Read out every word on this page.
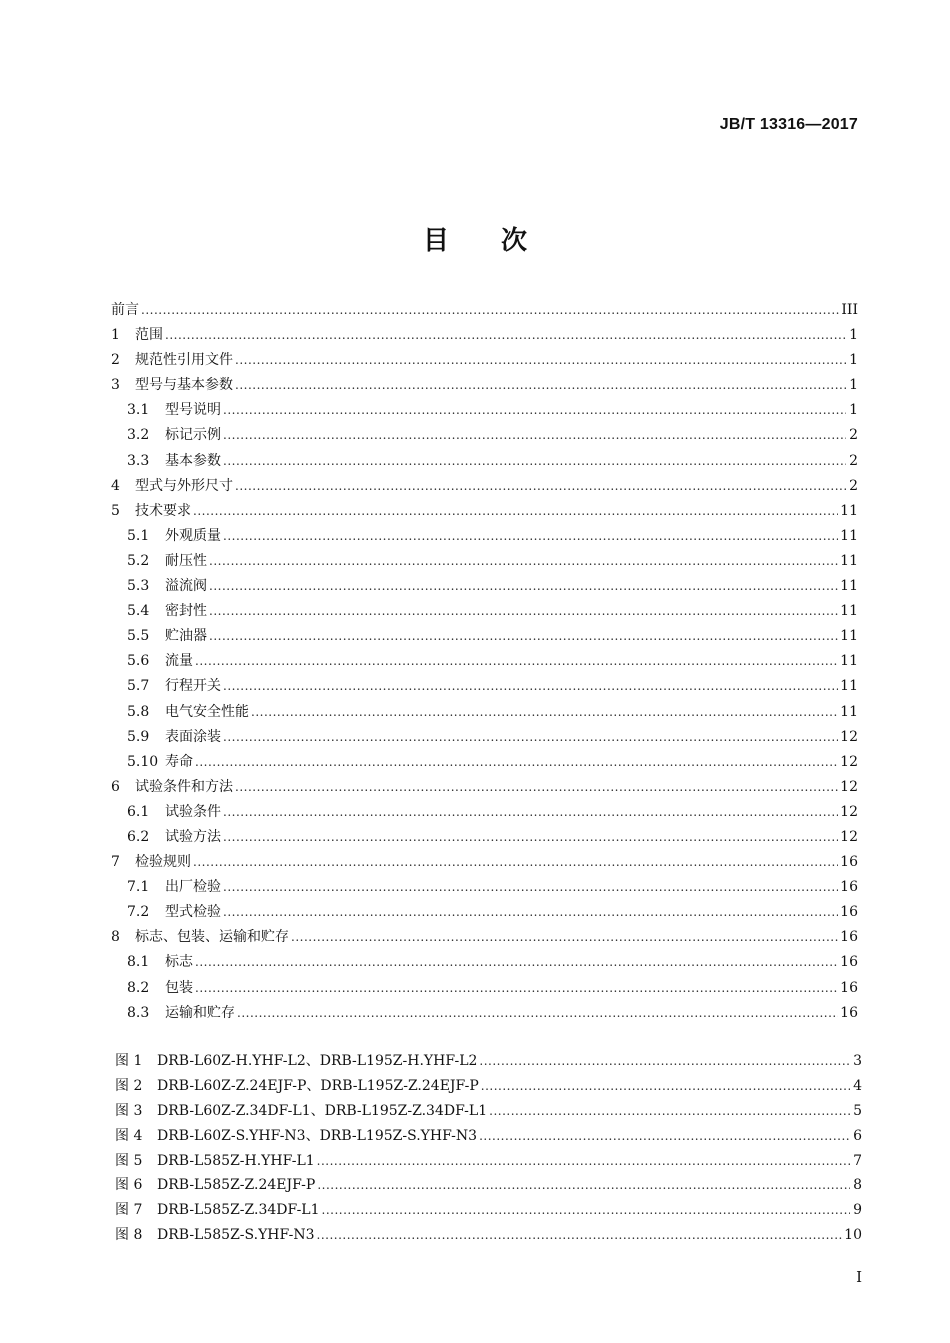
JB/T 13316—2017
目次
前言 .....	III
1	范围 .....	1
2	规范性引用文件 .....	1
3	型号与基本参数 .....	1
3.1	型号说明 .....	1
3.2	标记示例 .....	2
3.3	基本参数 .....	2
4	型式与外形尺寸 .....	2
5	技术要求 .....	11
5.1	外观质量 .....	11
5.2	耐压性 .....	11
5.3	溢流阀 .....	11
5.4	密封性 .....	11
5.5	贮油器 .....	11
5.6	流量 .....	11
5.7	行程开关 .....	11
5.8	电气安全性能 .....	11
5.9	表面涂装 .....	12
5.10 寿命 .....	12
6	试验条件和方法 .....	12
6.1	试验条件 .....	12
6.2	试验方法 .....	12
7	检验规则 .....	16
7.1	出厂检验 .....	16
7.2	型式检验 .....	16
8	标志、包装、运输和贮存 .....	16
8.1	标志 .....	16
8.2	包装 .....	16
8.3	运输和贮存 .....	16
图 1	DRB-L60Z-H.YHF-L2、DRB-L195Z-H.YHF-L2 .....	3
图 2	DRB-L60Z-Z.24EJF-P、DRB-L195Z-Z.24EJF-P .....	4
图 3	DRB-L60Z-Z.34DF-L1、DRB-L195Z-Z.34DF-L1 .....	5
图 4	DRB-L60Z-S.YHF-N3、DRB-L195Z-S.YHF-N3 .....	6
图 5	DRB-L585Z-H.YHF-L1 .....	7
图 6	DRB-L585Z-Z.24EJF-P .....	8
图 7	DRB-L585Z-Z.34DF-L1 .....	9
图 8	DRB-L585Z-S.YHF-N3 .....	10
I
